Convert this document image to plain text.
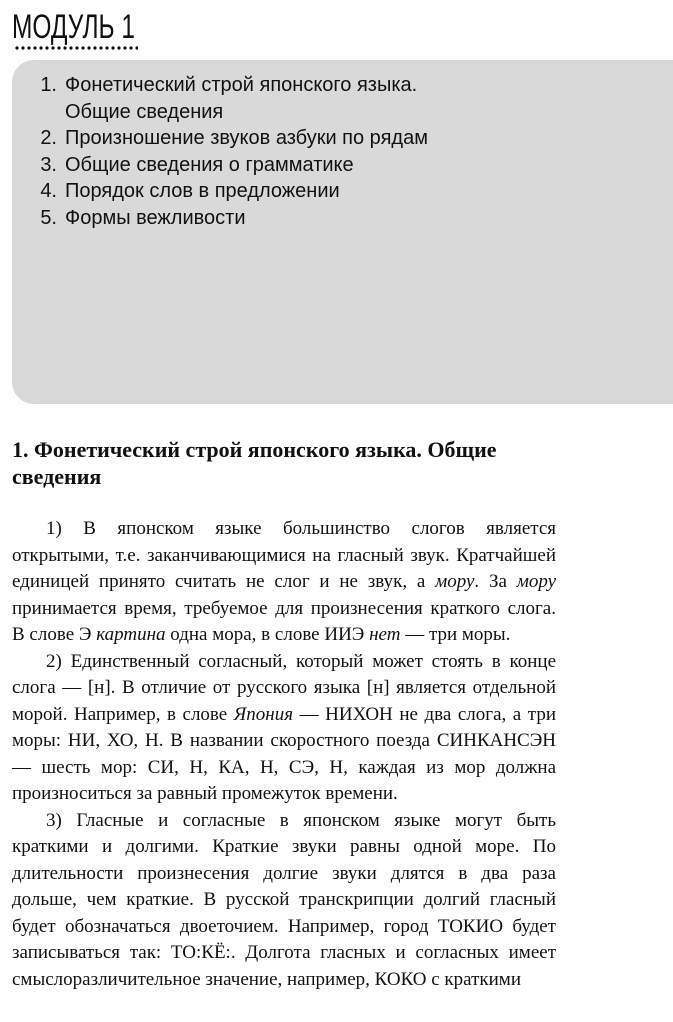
МОДУЛЬ 1
1. Фонетический строй японского языка. Общие сведения
2. Произношение звуков азбуки по рядам
3. Общие сведения о грамматике
4. Порядок слов в предложении
5. Формы вежливости
1. Фонетический строй японского языка. Общие сведения

1) В японском языке большинство слогов является открытыми, т.е. заканчивающимися на гласный звук. Кратчайшей единицей принято считать не слог и не звук, а мору. За мору принимается время, требуемое для произнесения краткого слога. В слове Э картина одна мора, в слове ИИЭ нет — три моры.

2) Единственный согласный, который может стоять в конце слога — [н]. В отличие от русского языка [н] является отдельной морой. Например, в слове Япония — НИХОН не два слога, а три моры: НИ, ХО, Н. В названии скоростного поезда СИНКАНСЭН — шесть мор: СИ, Н, КА, Н, СЭ, Н, каждая из мор должна произноситься за равный промежуток времени.

3) Гласные и согласные в японском языке могут быть краткими и долгими. Краткие звуки равны одной море. По длительности произнесения долгие звуки длятся в два раза дольше, чем краткие. В русской транскрипции долгий гласный будет обозначаться двоеточием. Например, город ТОКИО будет записываться так: ТО:КЁ:. Долгота гласных и согласных имеет смыслоразличительное значение, например, КОКО с краткими
